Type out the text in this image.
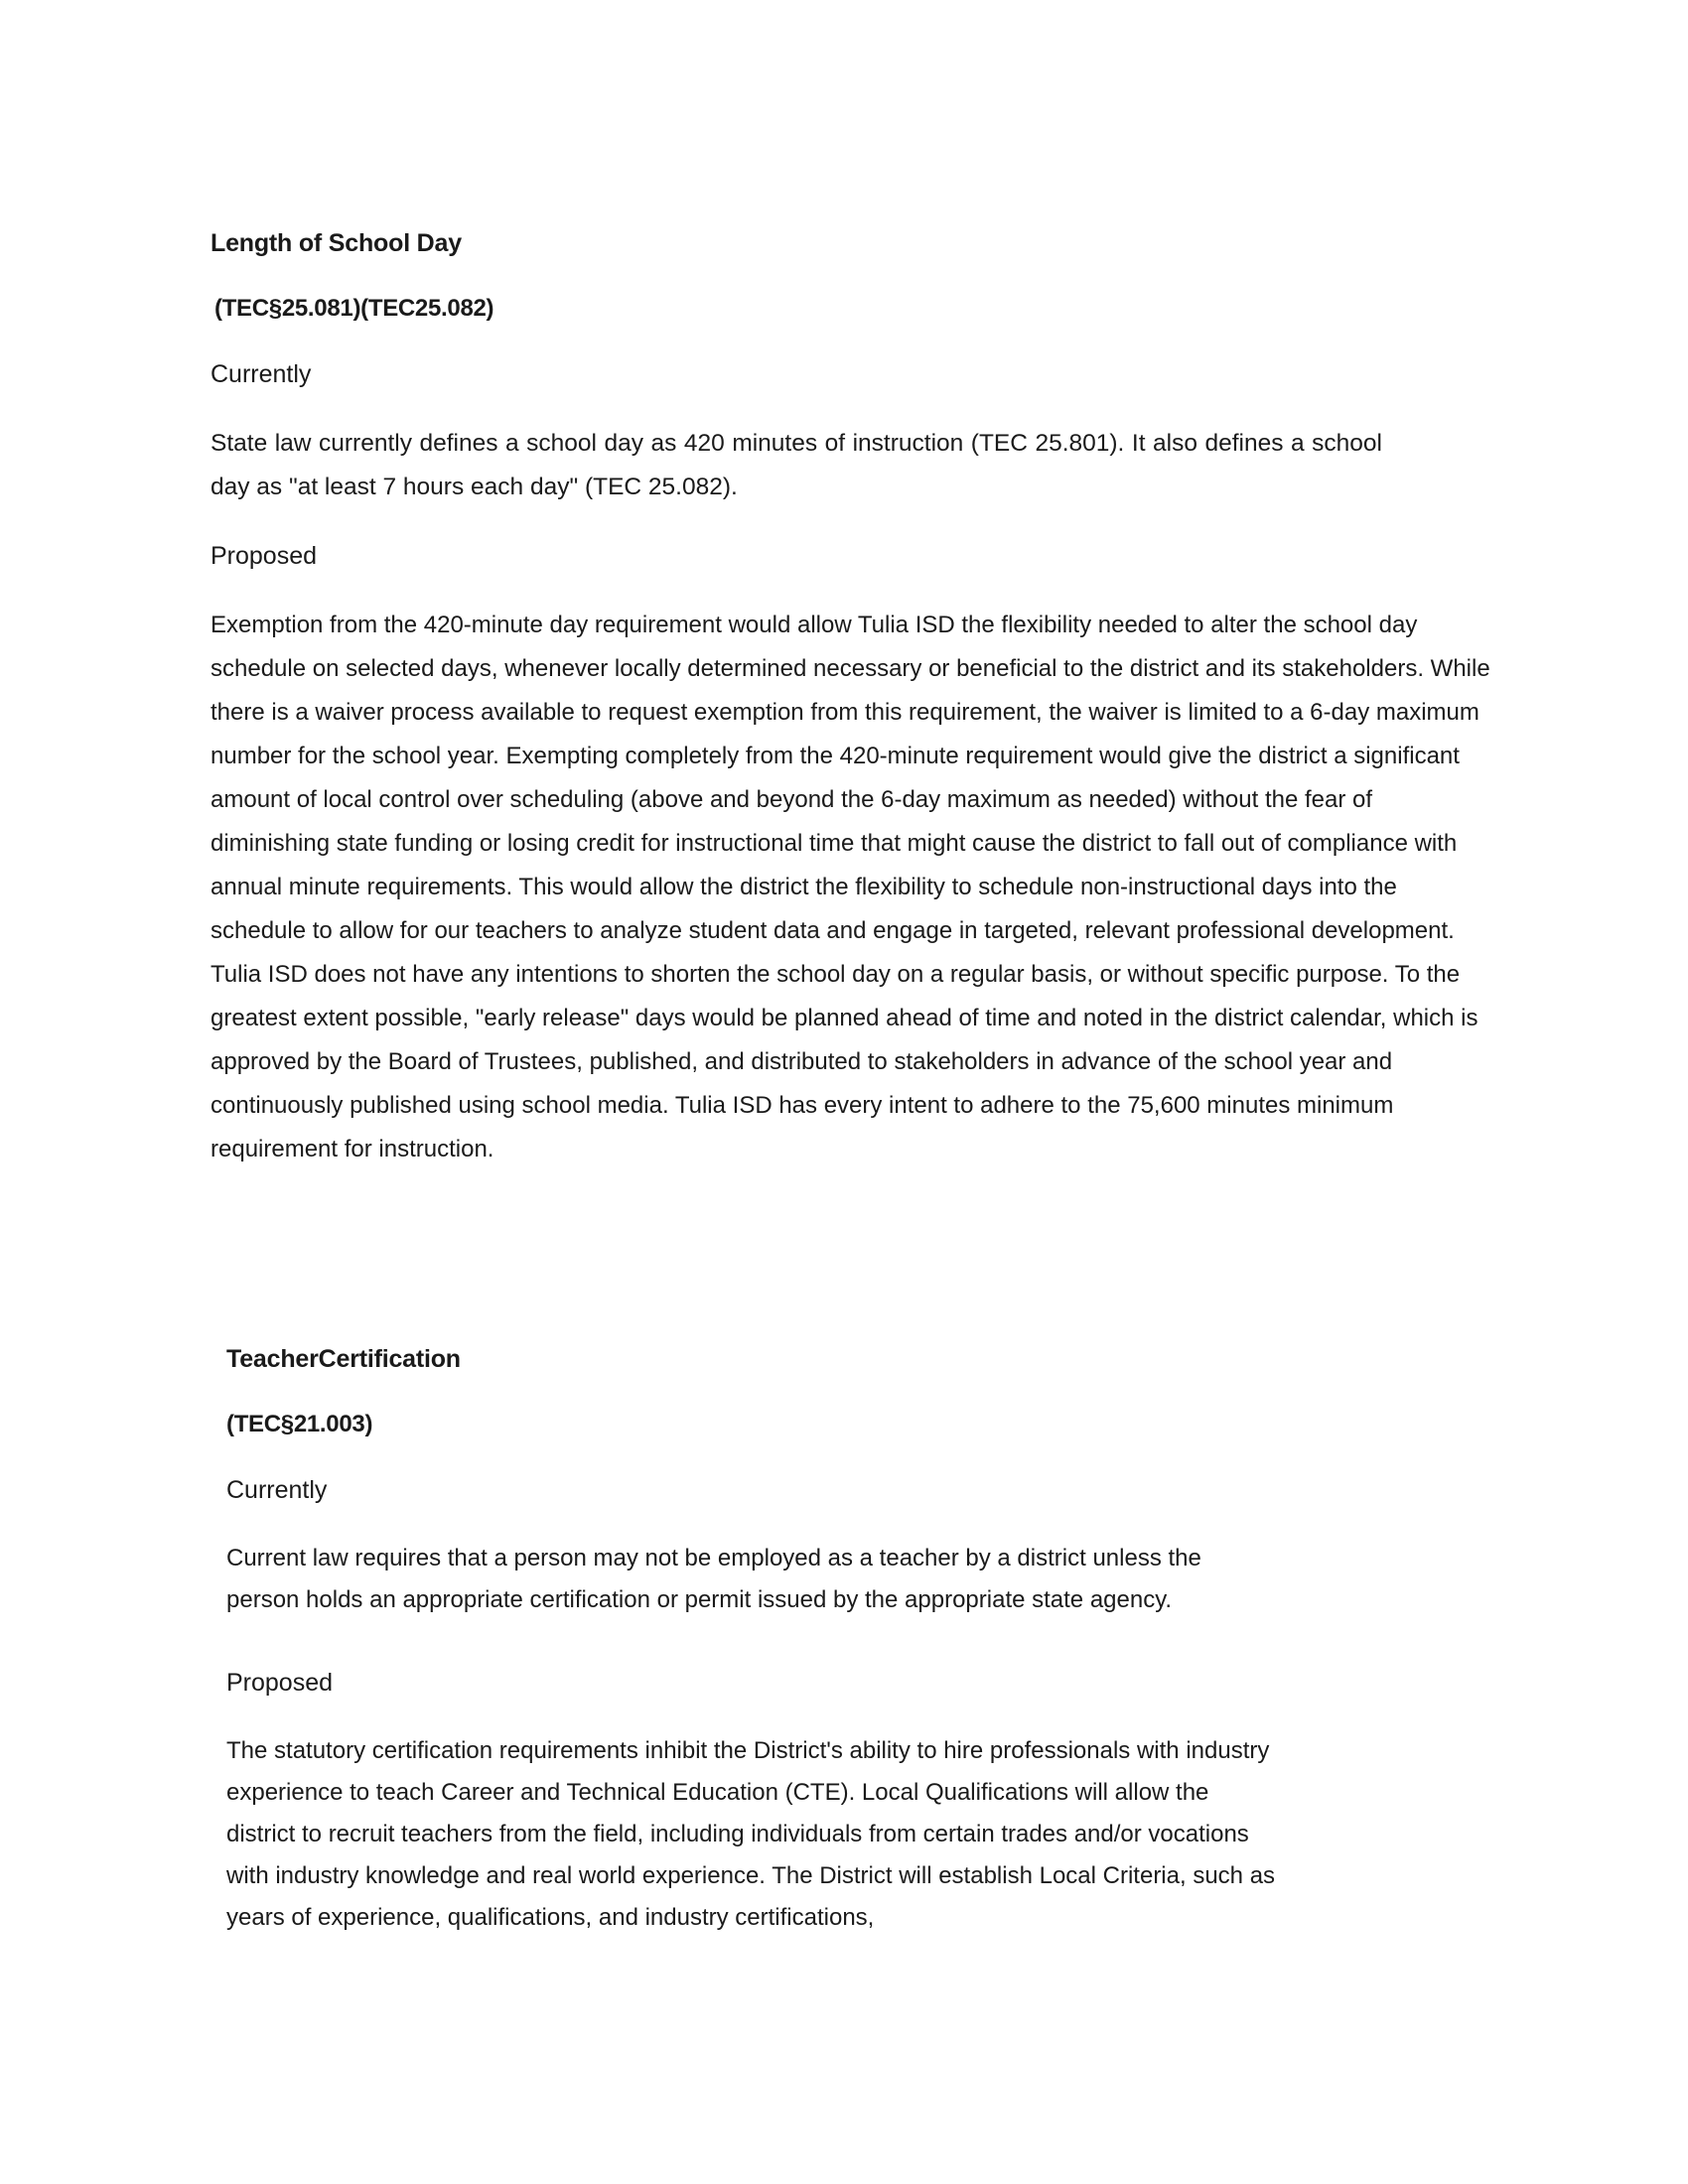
Length of School Day
(TEC§25.081)(TEC25.082)
Currently
State law currently defines a school day as 420 minutes of instruction (TEC 25.801). It also defines a school day as "at least 7 hours each day" (TEC 25.082).
Proposed
Exemption from the 420-minute day requirement would allow Tulia ISD the flexibility needed to alter the school day schedule on selected days, whenever locally determined necessary or beneficial to the district and its stakeholders. While there is a waiver process available to request exemption from this requirement, the waiver is limited to a 6-day maximum number for the school year. Exempting completely from the 420-minute requirement would give the district a significant amount of local control over scheduling (above and beyond the 6-day maximum as needed) without the fear of diminishing state funding or losing credit for instructional time that might cause the district to fall out of compliance with annual minute requirements. This would allow the district the flexibility to schedule non-instructional days into the schedule to allow for our teachers to analyze student data and engage in targeted, relevant professional development. Tulia ISD does not have any intentions to shorten the school day on a regular basis, or without specific purpose. To the greatest extent possible, "early release" days would be planned ahead of time and noted in the district calendar, which is approved by the Board of Trustees, published, and distributed to stakeholders in advance of the school year and continuously published using school media. Tulia ISD has every intent to adhere to the 75,600 minutes minimum requirement for instruction.
TeacherCertification
(TEC§21.003)
Currently
Current law requires that a person may not be employed as a teacher by a district unless the person holds an appropriate certification or permit issued by the appropriate state agency.
Proposed
The statutory certification requirements inhibit the District's ability to hire professionals with industry experience to teach Career and Technical Education (CTE). Local Qualifications will allow the district to recruit teachers from the field, including individuals from certain trades and/or vocations with industry knowledge and real world experience. The District will establish Local Criteria, such as years of experience, qualifications, and industry certifications,
